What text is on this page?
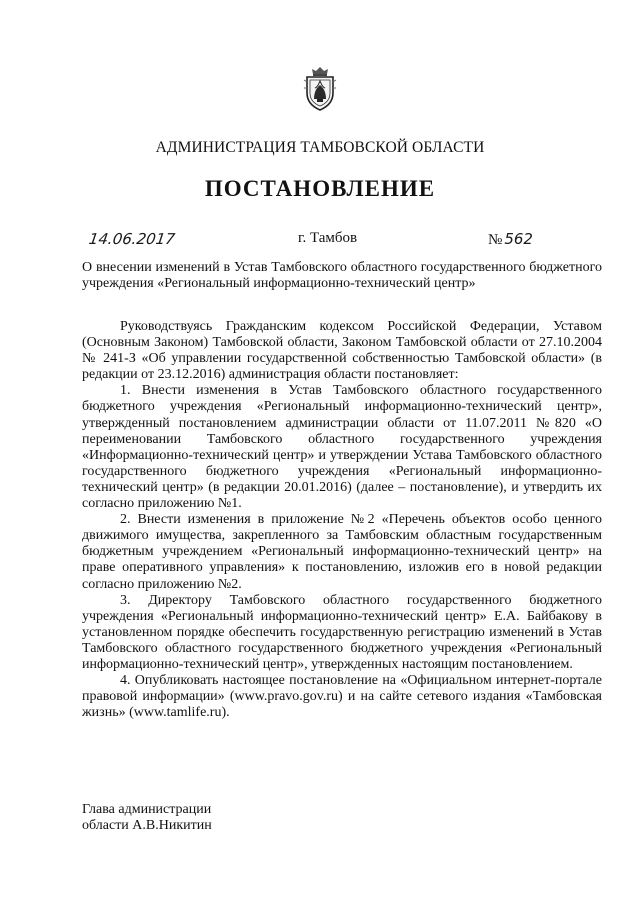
АДМИНИСТРАЦИЯ ТАМБОВСКОЙ ОБЛАСТИ
ПОСТАНОВЛЕНИЕ
14.06.2017	г. Тамбов	№ 562
О внесении изменений в Устав Тамбовского областного государственного бюджетного учреждения «Региональный информационно-технический центр»

Руководствуясь Гражданским кодексом Российской Федерации, Уставом (Основным Законом) Тамбовской области, Законом Тамбовской области от 27.10.2004 № 241-З «Об управлении государственной собственностью Тамбовской области» (в редакции от 23.12.2016) администрация области постановляет:

1. Внести изменения в Устав Тамбовского областного государственного бюджетного учреждения «Региональный информационно-технический центр», утвержденный постановлением администрации области от 11.07.2011 №820 «О переименовании Тамбовского областного государственного учреждения «Информационно-технический центр» и утверждении Устава Тамбовского областного государственного бюджетного учреждения «Региональный информационно-технический центр» (в редакции 20.01.2016) (далее – постановление), и утвердить их согласно приложению №1.

2. Внести изменения в приложение №2 «Перечень объектов особо ценного движимого имущества, закрепленного за Тамбовским областным государственным бюджетным учреждением «Региональный информационно-технический центр» на праве оперативного управления» к постановлению, изложив его в новой редакции согласно приложению №2.

3. Директору Тамбовского областного государственного бюджетного учреждения «Региональный информационно-технический центр» Е.А. Байбакову в установленном порядке обеспечить государственную регистрацию изменений в Устав Тамбовского областного государственного бюджетного учреждения «Региональный информационно-технический центр», утвержденных настоящим постановлением.

4. Опубликовать настоящее постановление на «Официальном интернет-портале правовой информации» (www.pravo.gov.ru) и на сайте сетевого издания «Тамбовская жизнь» (www.tamlife.ru).

Глава администрации
области А.В.Никитин
